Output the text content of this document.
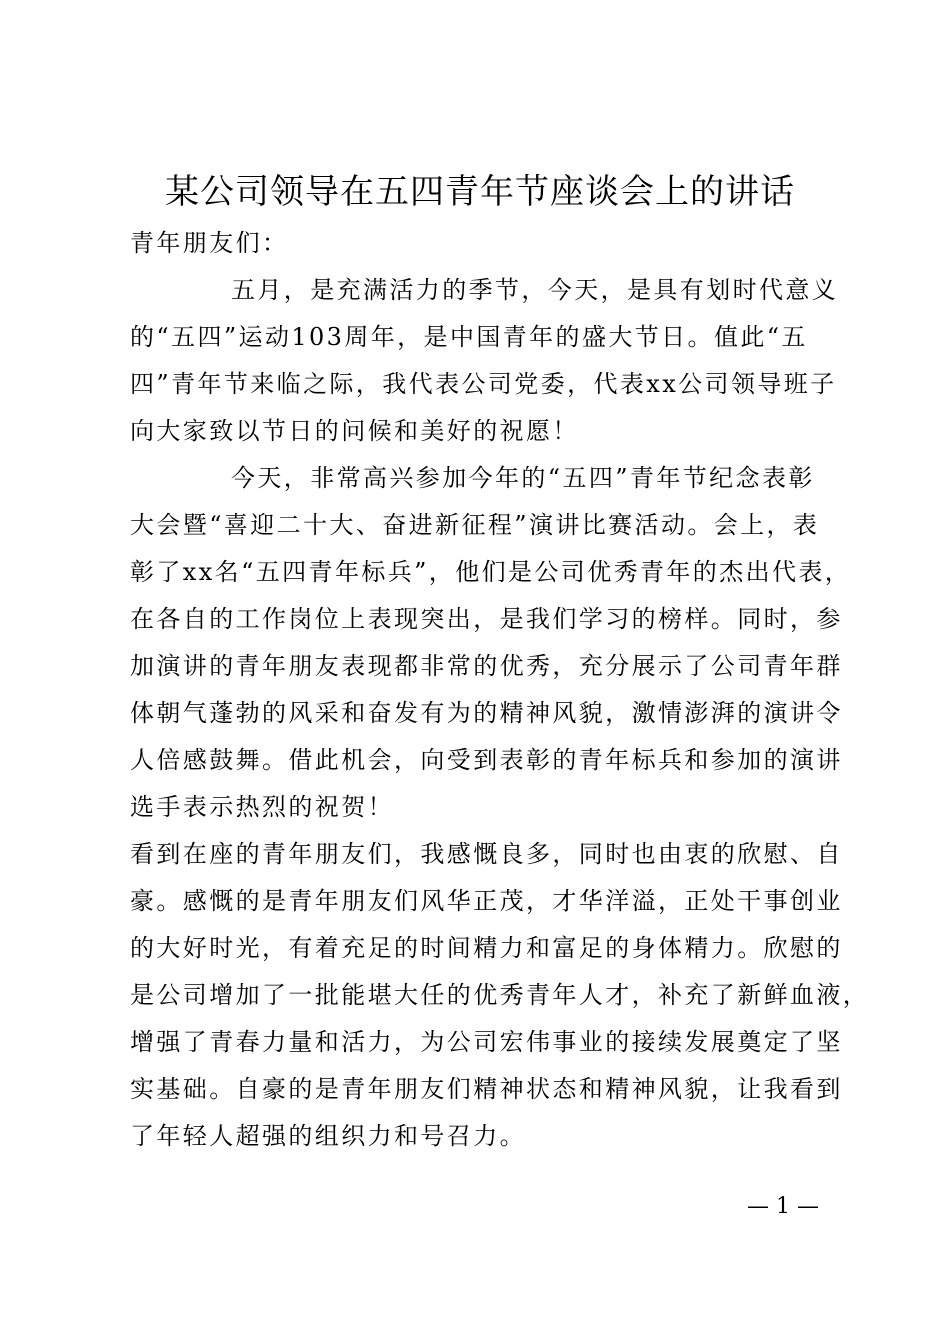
某公司领导在五四青年节座谈会上的讲话
青年朋友们：
五月，是充满活力的季节，今天，是具有划时代意义
的“五四”运动103周年，是中国青年的盛大节日。值此“五
四”青年节来临之际，我代表公司党委，代表xx公司领导班子
向大家致以节日的问候和美好的祝愿！
今天，非常高兴参加今年的“五四”青年节纪念表彰
大会暨“喜迎二十大、奋进新征程”演讲比赛活动。会上，表
彰了xx名“五四青年标兵”，他们是公司优秀青年的杰出代表，
在各自的工作岗位上表现突出，是我们学习的榜样。同时，参
加演讲的青年朋友表现都非常的优秀，充分展示了公司青年群
体朝气蓬勃的风采和奋发有为的精神风貌，激情澎湃的演讲令
人倍感鼓舞。借此机会，向受到表彰的青年标兵和参加的演讲
选手表示热烈的祝贺！
看到在座的青年朋友们，我感慨良多，同时也由衷的欣慰、自
豪。感慨的是青年朋友们风华正茂，才华洋溢，正处干事创业
的大好时光，有着充足的时间精力和富足的身体精力。欣慰的
是公司增加了一批能堪大任的优秀青年人才，补充了新鲜血液，
增强了青春力量和活力，为公司宏伟事业的接续发展奠定了坚
实基础。自豪的是青年朋友们精神状态和精神风貌，让我看到
了年轻人超强的组织力和号召力。
— 1 —
